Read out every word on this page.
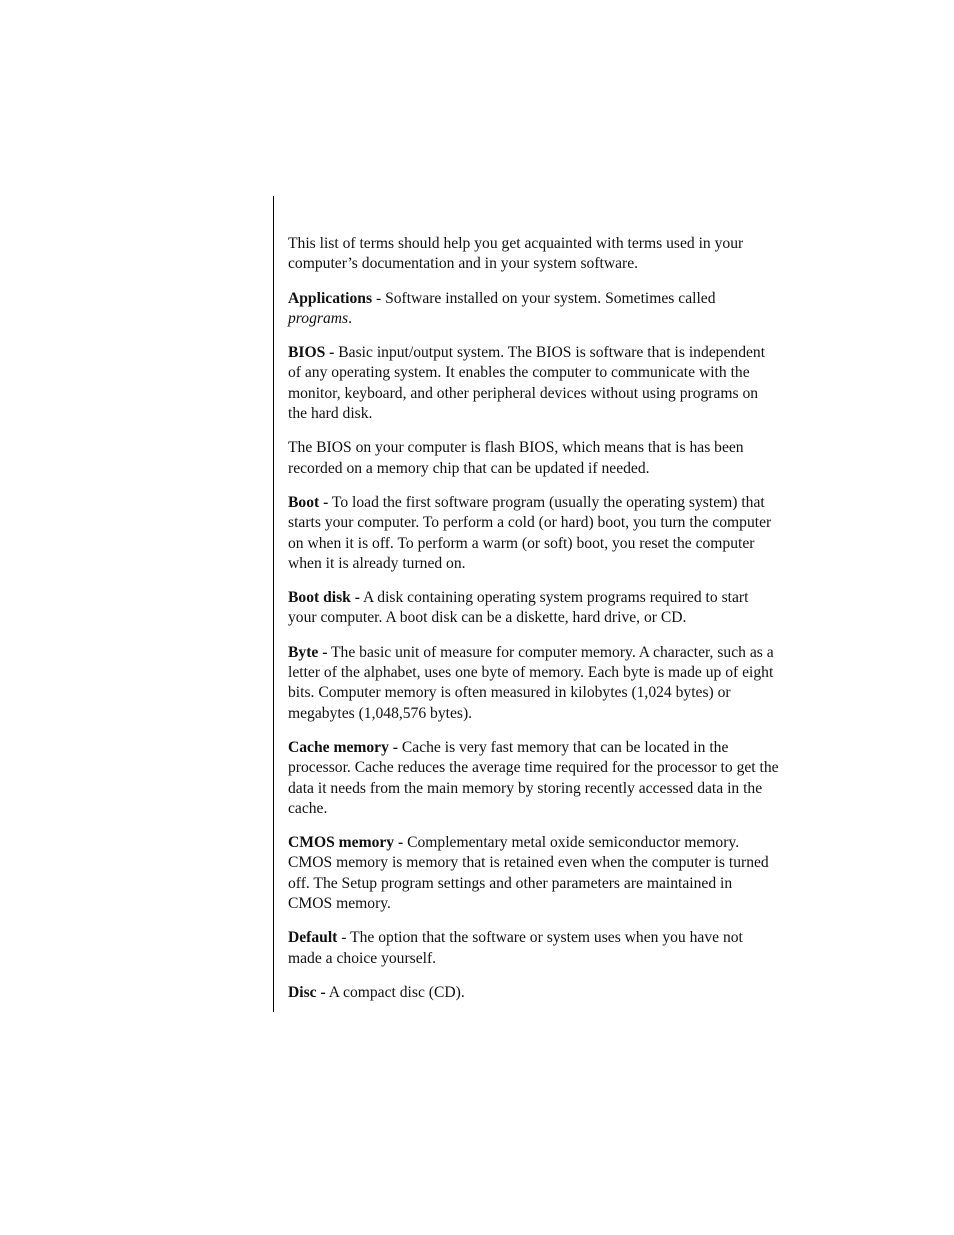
This list of terms should help you get acquainted with terms used in your computer’s documentation and in your system software.

Applications - Software installed on your system. Sometimes called programs.

BIOS - Basic input/output system. The BIOS is software that is independent of any operating system. It enables the computer to communicate with the monitor, keyboard, and other peripheral devices without using programs on the hard disk.

The BIOS on your computer is flash BIOS, which means that is has been recorded on a memory chip that can be updated if needed.

Boot - To load the first software program (usually the operating system) that starts your computer. To perform a cold (or hard) boot, you turn the computer on when it is off. To perform a warm (or soft) boot, you reset the computer when it is already turned on.

Boot disk - A disk containing operating system programs required to start your computer. A boot disk can be a diskette, hard drive, or CD.

Byte - The basic unit of measure for computer memory. A character, such as a letter of the alphabet, uses one byte of memory. Each byte is made up of eight bits. Computer memory is often measured in kilobytes (1,024 bytes) or megabytes (1,048,576 bytes).

Cache memory - Cache is very fast memory that can be located in the processor. Cache reduces the average time required for the processor to get the data it needs from the main memory by storing recently accessed data in the cache.

CMOS memory - Complementary metal oxide semiconductor memory. CMOS memory is memory that is retained even when the computer is turned off. The Setup program settings and other parameters are maintained in CMOS memory.

Default - The option that the software or system uses when you have not made a choice yourself.

Disc - A compact disc (CD).
